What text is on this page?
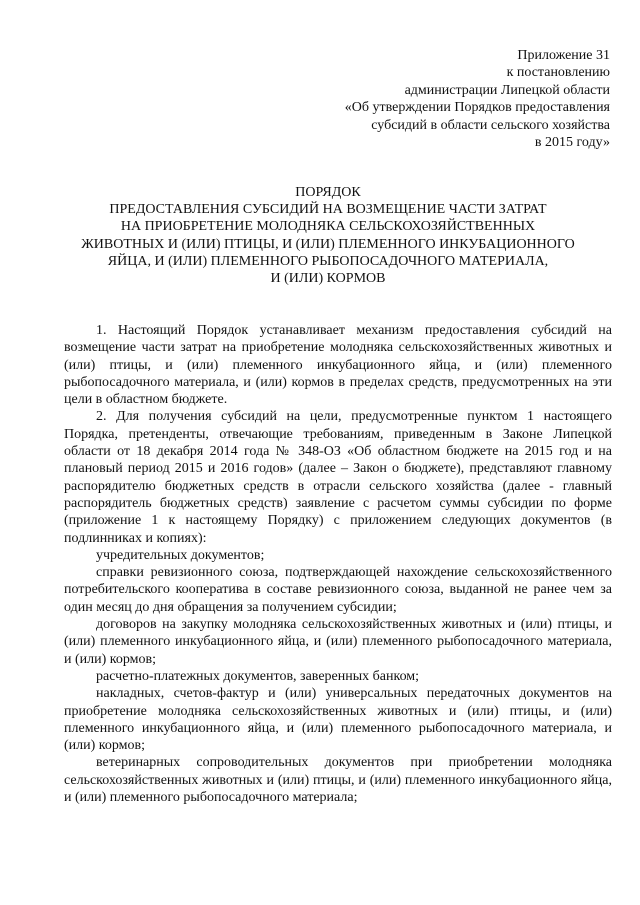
Приложение 31
к постановлению
администрации Липецкой области
«Об утверждении Порядков предоставления
субсидий в области сельского хозяйства
в 2015 году»
ПОРЯДОК
ПРЕДОСТАВЛЕНИЯ СУБСИДИЙ НА ВОЗМЕЩЕНИЕ ЧАСТИ ЗАТРАТ
НА ПРИОБРЕТЕНИЕ МОЛОДНЯКА СЕЛЬСКОХОЗЯЙСТВЕННЫХ
ЖИВОТНЫХ И (ИЛИ) ПТИЦЫ, И (ИЛИ) ПЛЕМЕННОГО ИНКУБАЦИОННОГО
ЯЙЦА, И (ИЛИ) ПЛЕМЕННОГО РЫБОПОСАДОЧНОГО МАТЕРИАЛА,
И (ИЛИ) КОРМОВ

1. Настоящий Порядок устанавливает механизм предоставления субсидий на возмещение части затрат на приобретение молодняка сельскохозяйственных животных и (или) птицы, и (или) племенного инкубационного яйца, и (или) племенного рыбопосадочного материала, и (или) кормов в пределах средств, предусмотренных на эти цели в областном бюджете.

2. Для получения субсидий на цели, предусмотренные пунктом 1 настоящего Порядка, претенденты, отвечающие требованиям, приведенным в Законе Липецкой области от 18 декабря 2014 года № 348-ОЗ «Об областном бюджете на 2015 год и на плановый период 2015 и 2016 годов» (далее – Закон о бюджете), представляют главному распорядителю бюджетных средств в отрасли сельского хозяйства (далее - главный распорядитель бюджетных средств) заявление с расчетом суммы субсидии по форме (приложение 1 к настоящему Порядку) с приложением следующих документов (в подлинниках и копиях):

учредительных документов;

справки ревизионного союза, подтверждающей нахождение сельскохозяйственного потребительского кооператива в составе ревизионного союза, выданной не ранее чем за один месяц до дня обращения за получением субсидии;

договоров на закупку молодняка сельскохозяйственных животных и (или) птицы, и (или) племенного инкубационного яйца, и (или) племенного рыбопосадочного материала, и (или) кормов;

расчетно-платежных документов, заверенных банком;

накладных, счетов-фактур и (или) универсальных передаточных документов на приобретение молодняка сельскохозяйственных животных и (или) птицы, и (или) племенного инкубационного яйца, и (или) племенного рыбопосадочного материала, и (или) кормов;

ветеринарных сопроводительных документов при приобретении молодняка сельскохозяйственных животных и (или) птицы, и (или) племенного инкубационного яйца, и (или) племенного рыбопосадочного материала;
